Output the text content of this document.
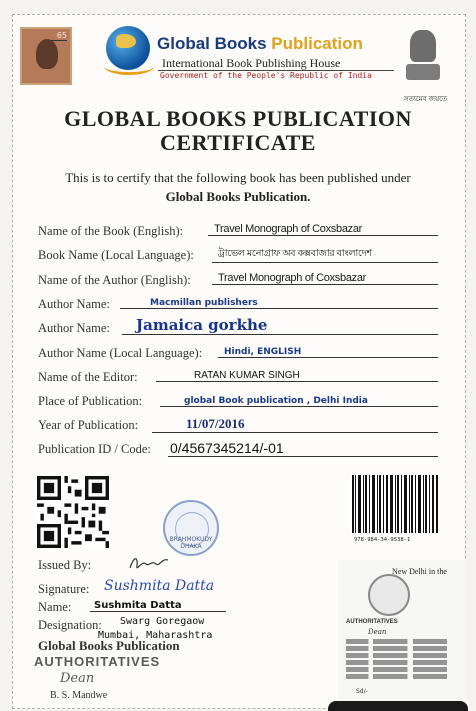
65	Global Books Publication
International Book Publishing House
Government of the People's Republic of India
সত্যমেব জয়তে
GLOBAL BOOKS PUBLICATION
CERTIFICATE
This is to certify that the following book has been published under
Global Books Publication.
Name of the Book (English):	Travel Monograph of Coxsbazar
Book Name (Local Language):	ট্রাভেল মনোগ্রাফ অব কক্সবাজার বাংলাদেশ
Name of the Author (English):	Travel Monograph of Coxsbazar
Author Name:	Macmillan publishers
Author Name:	Jamaica gorkhe
Author Name (Local Language):	Hindi, ENGLISH
Name of the Editor:	RATAN KUMAR SINGH
Place of Publication:	global Book publication , Delhi India
Year of Publication:	11/07/2016
Publication ID / Code: 0/4567345214/-01
BRAHMOKUDY DHAKA
978-984-34-9538-1
Issued By:
Signature: Sushmita Datta
Name:	Sushmita Datta
Designation: Swarg Goregaow
Mumbai, Maharashtra
Global Books Publication
AUTHORITATIVES
Dean
B. S. Mandwe
New Delhi in the
AUTHORITATIVES
Dean
Sd/-
